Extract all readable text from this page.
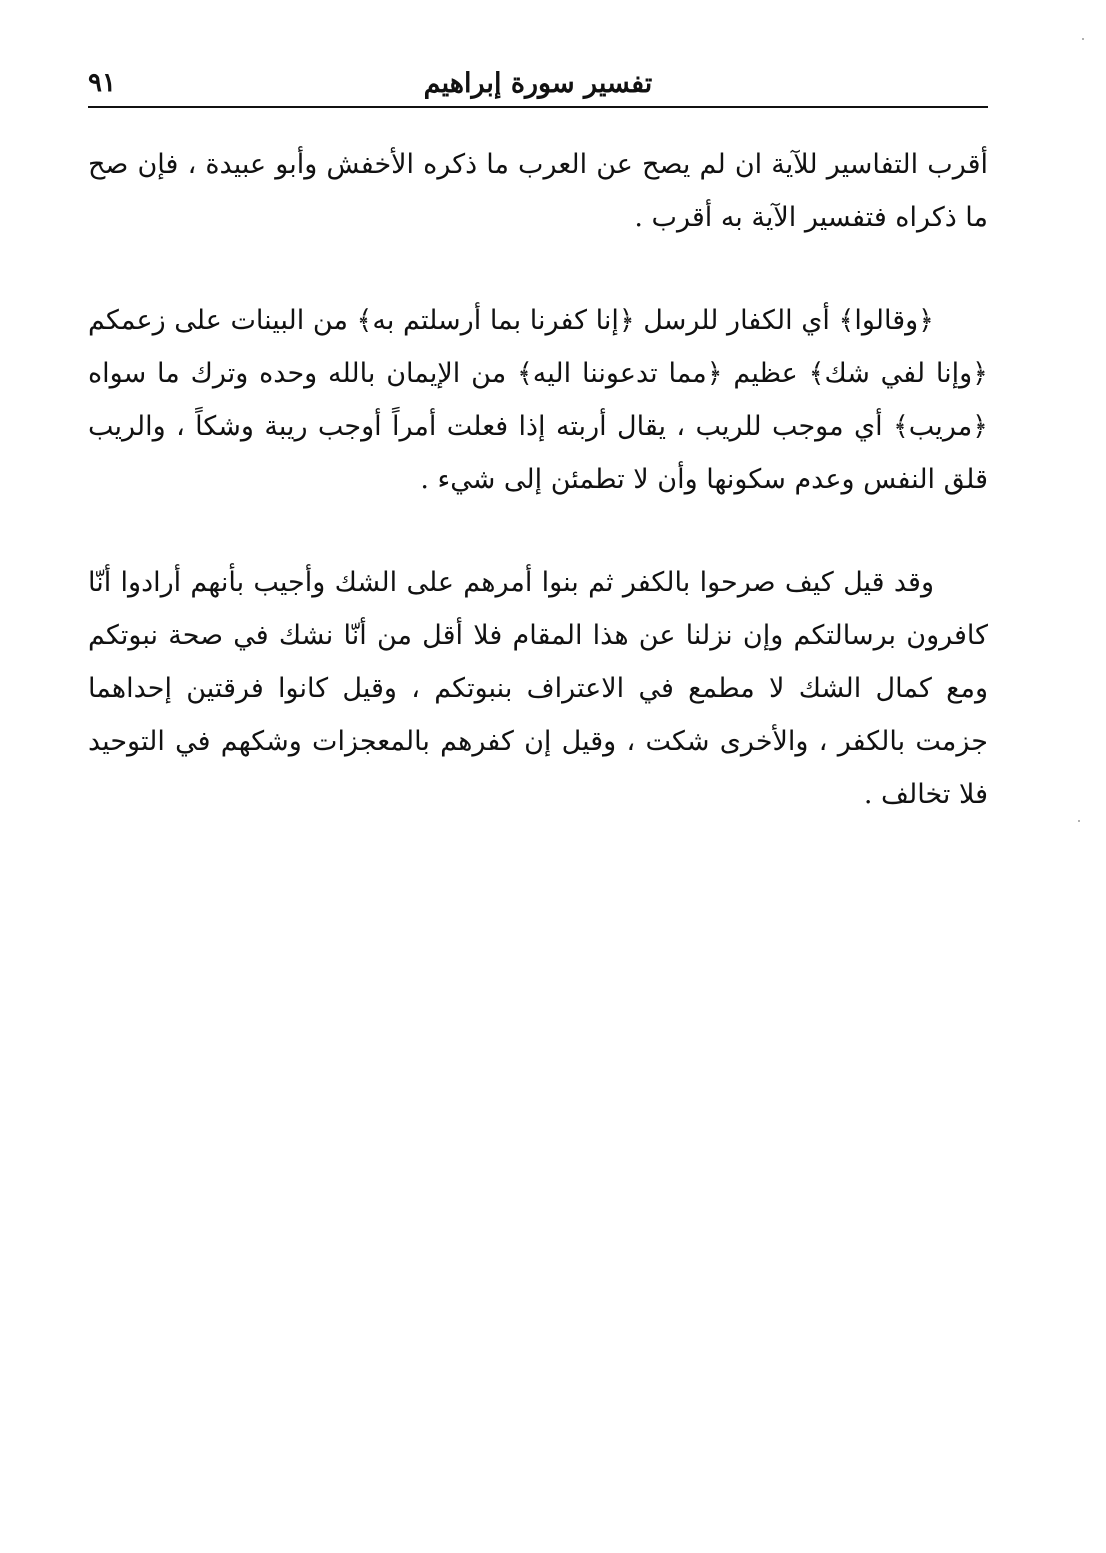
٩١	تفسير سورة إبراهيم

أقرب التفاسير للآية ان لم يصح عن العرب ما ذكره الأخفش وأبو عبيدة ، فإن صح ما ذكراه فتفسير الآية به أقرب .

﴿وقالوا﴾ أي الكفار للرسل ﴿إنا كفرنا بما أرسلتم به﴾ من البينات على زعمكم ﴿وإنا لفي شك﴾ عظيم ﴿مما تدعوننا اليه﴾ من الإيمان بالله وحده وترك ما سواه ﴿مريب﴾ أي موجب للريب ، يقال أربته إذا فعلت أمراً أوجب ريبة وشكاً ، والريب قلق النفس وعدم سكونها وأن لا تطمئن إلى شيء .

وقد قيل كيف صرحوا بالكفر ثم بنوا أمرهم على الشك وأجيب بأنهم أرادوا أنّا كافرون برسالتكم وإن نزلنا عن هذا المقام فلا أقل من أنّا نشك في صحة نبوتكم ومع كمال الشك لا مطمع في الاعتراف بنبوتكم ، وقيل كانوا فرقتين إحداهما جزمت بالكفر ، والأخرى شكت ، وقيل إن كفرهم بالمعجزات وشكهم في التوحيد فلا تخالف .
